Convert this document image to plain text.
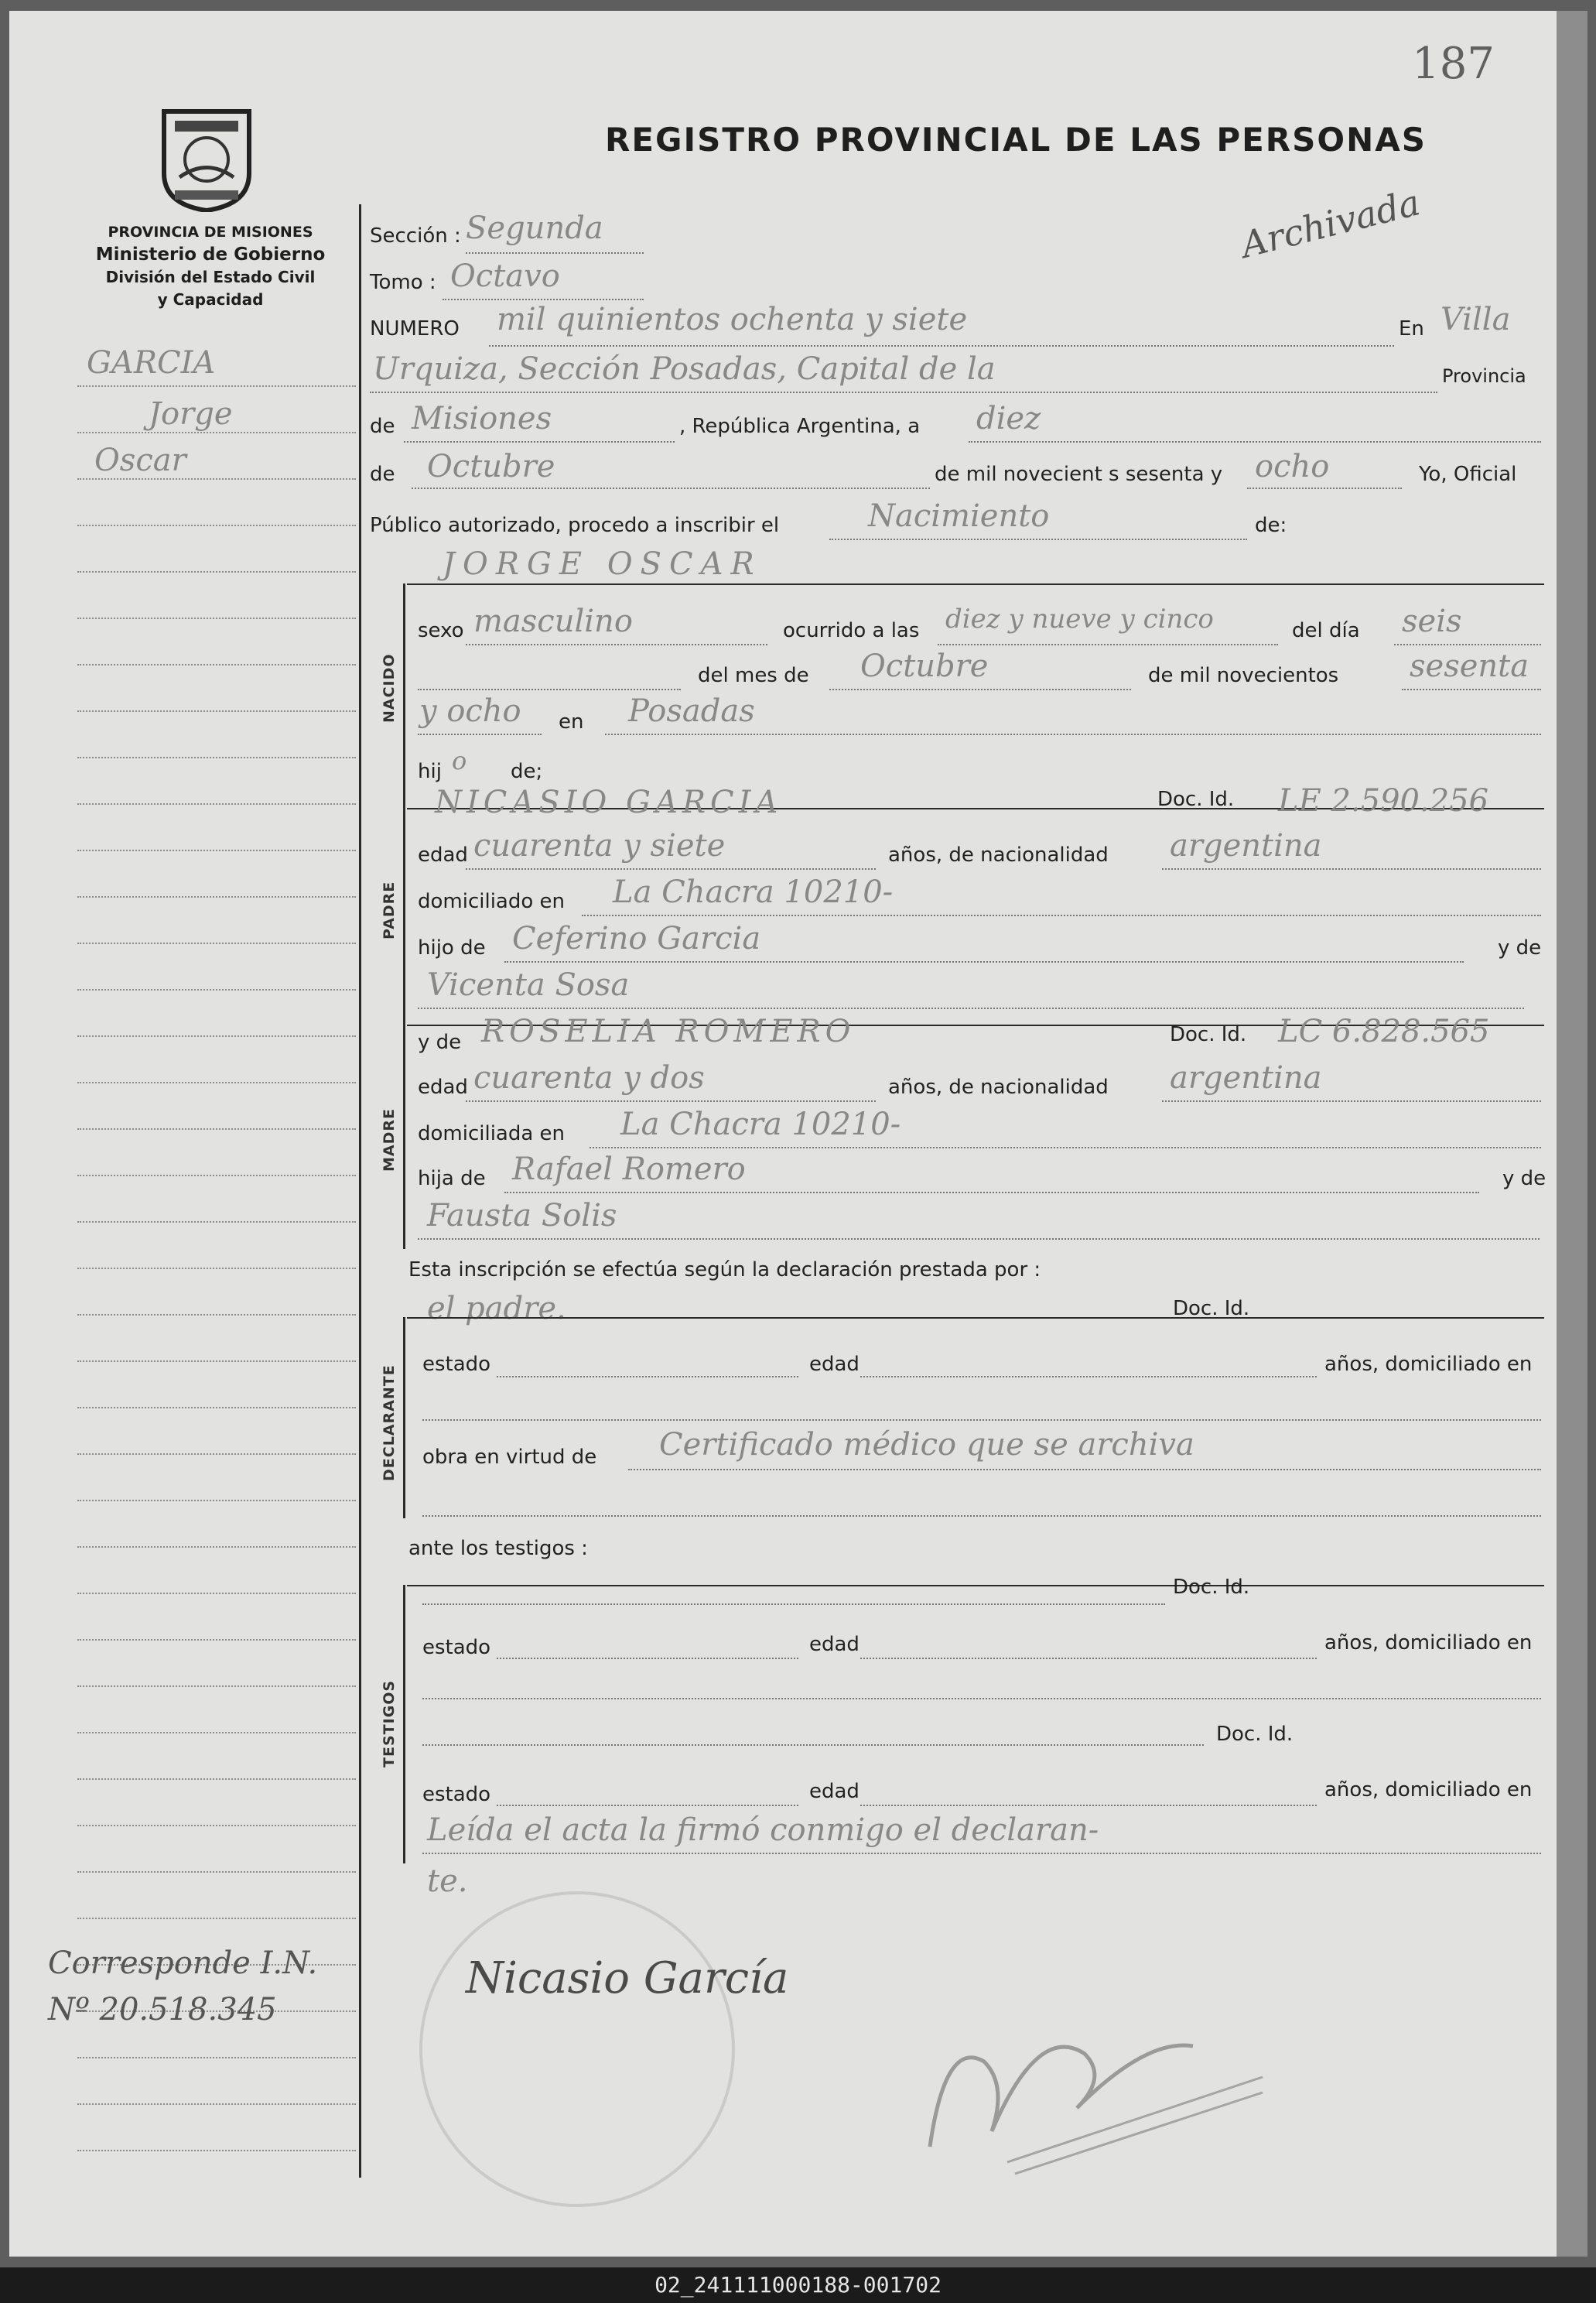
187
REGISTRO PROVINCIAL DE LAS PERSONAS
PROVINCIA DE MISIONES
Ministerio de Gobierno
División del Estado Civil
y Capacidad
GARCIA
Jorge
Oscar
Corresponde I.N.
Nº 20.518.345
Archivada
Sección : Segunda
Tomo : Octavo
NUMERO mil quinientos ochenta y siete	En Villa
Urquiza, Sección Posadas, Capital de la	Provincia
de Misiones	, República Argentina, a diez
de Octubre	de mil novecient s sesenta y ocho	Yo, Oficial
Público autorizado, procedo a inscribir el	Nacimiento	de:
JORGE OSCAR
NACIDO
sexo masculino	ocurrido a las diez y nueve y cinco	del día seis
del mes de Octubre	de mil novecientos sesenta
y ocho en Posadas
hij o de;
NICASIO GARCIA	Doc. Id. LE 2.590.256
PADRE
edad cuarenta y siete	años, de nacionalidad argentina
domiciliado en La Chacra 10210-
hijo de Ceferino Garcia	y de
Vicenta Sosa
y de ROSELIA ROMERO	Doc. Id. LC 6.828.565
MADRE
edad cuarenta y dos	años, de nacionalidad argentina
domiciliada en La Chacra 10210-
hija de Rafael Romero	y de
Fausta Solis
Esta inscripción se efectúa según la declaración prestada por :
el padre.	Doc. Id.
DECLARANTE
estado	edad	años, domiciliado en
obra en virtud de Certificado médico que se archiva
ante los testigos :
TESTIGOS
Doc. Id.
estado	edad	años, domiciliado en
Doc. Id.
estado	edad	años, domiciliado en
Leída el acta la firmó conmigo el declaran-
te.
Nicasio García
02_241111000188-001702
